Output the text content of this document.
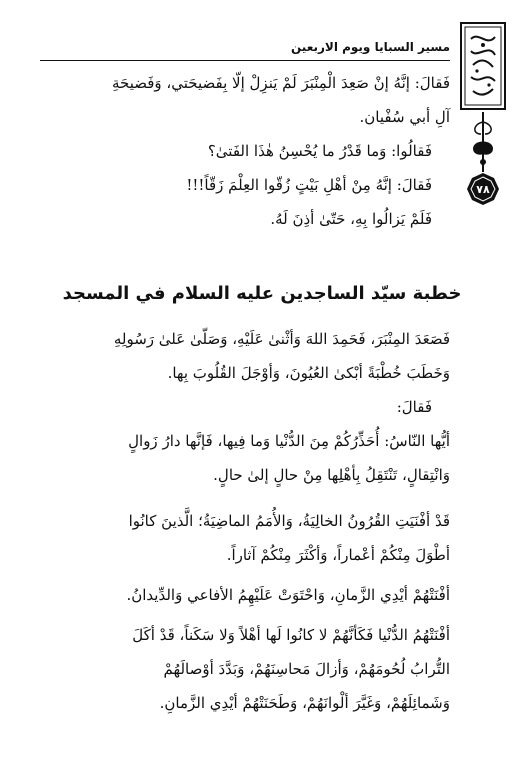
٧٨
مسير السبايا ويوم الاربعين
فَقالَ: إنَّهُ إنْ صَعِدَ الْمِنْبَرَ لَمْ يَنزِلْ إلّا بِفَضيحَتي، وَفَضيحَةِ
آلِ أبي سُفْيان.
فَقالُوا: وَما قَدْرُ ما يُحْسِنُ هٰذَا الفَتىٰ؟
فَقالَ: إنَّهُ مِنْ أهْلِ بَيْتٍ زُقّوا العِلْمَ زَقّاً!!!
فَلَمْ يَزالُوا بِهِ، حَتّىٰ أذِنَ لَهُ.
خطبة سيّد الساجدين عليه السلام في المسجد
فَصَعَدَ المِنْبَرَ، فَحَمِدَ اللهَ وَأثْنىٰ عَلَيْهِ، وَصَلّىٰ عَلىٰ رَسُولِهِ
وَخَطَبَ خُطْبَةً أبْكىٰ العُيُونَ، وَأوْجَلَ القُلُوبَ بِها.
فَقالَ:
أيُّها النّاسُ: أُحَذِّرُكُمْ مِنَ الدُّنْيا وَما فِيها، فَإنَّها دارُ زَوالٍ
وَانْتِقالٍ، تَنْتَقِلُ بِأهْلِها مِنْ حالٍ إلىٰ حالٍ.
قَدْ أفْنَيَتِ القُرُونُ الخالِيَةُ، وَالأُمَمُ الماضِيَةُ؛ الَّذينَ كانُوا
أطْوَلَ مِنْكُمْ أعْماراً، وَأكْثَرَ مِنْكُمْ آثاراً.
أفْنَتْهُمْ أيْدِي الزَّمانِ، وَاحْتَوَتْ عَلَيْهِمُ الأفاعي وَالدِّيدانُ.
أفْنَتْهُمُ الدُّنْيا فَكَأنَّهُمْ لا كانُوا لَها أهْلاً وَلا سَكَناً، قَدْ أكَلَ
التُّرابُ لُحُومَهُمْ، وَأزالَ مَحاسِنَهُمْ، وَبَدَّدَ أوْصالَهُمْ
وَشَمائِلَهُمْ، وَغَيَّرَ ألْوانَهُمْ، وَطَحَنَتْهُمْ أيْدِي الزَّمانِ.
